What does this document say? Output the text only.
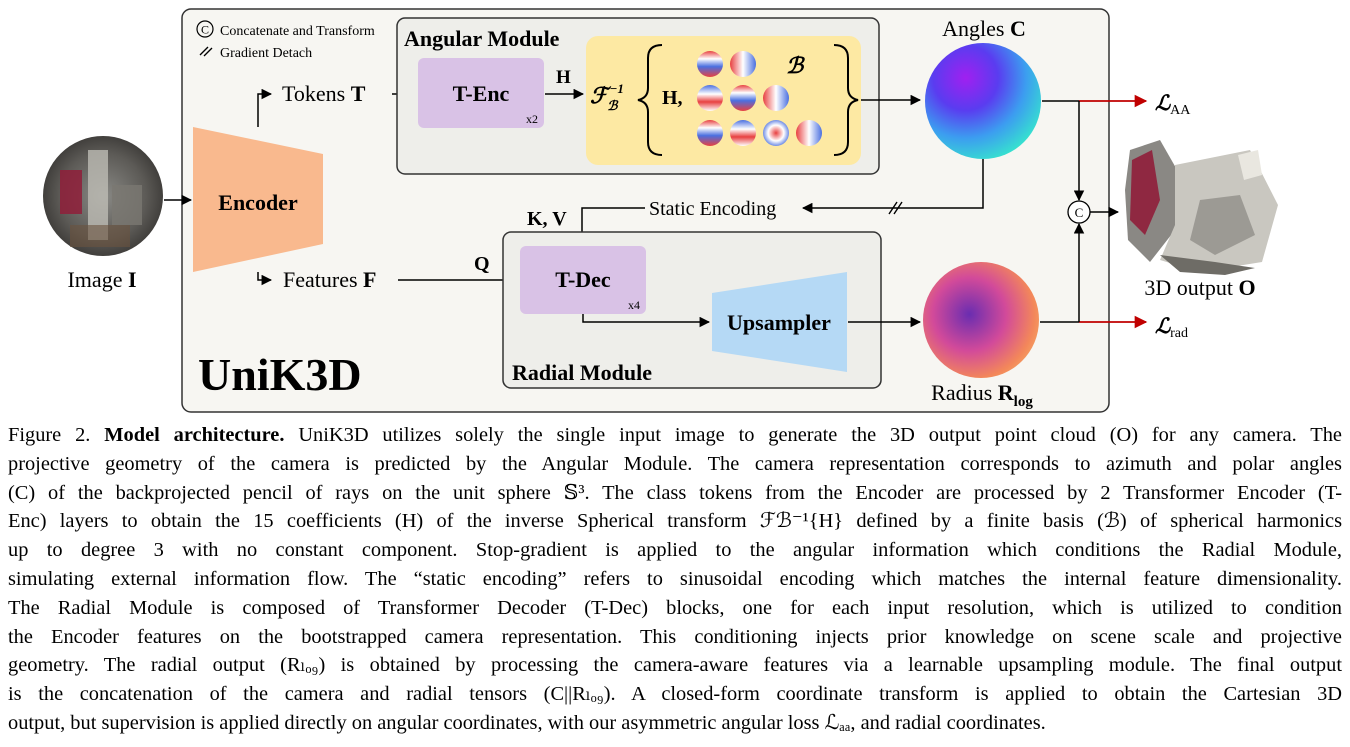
C Concatenate and Transform
Gradient Detach
UniK3D
Image I
Encoder
Tokens T
Features F
Angular Module
T-Enc
x2
H
ℱ$_ℬ$−1 H,
ℬ
Angles C
ℒAA
Static Encoding
K, V
Q
Radial Module
T-Dec
x4
Upsampler
Radius $R_{log}$
ℒrad
C
3D output O
Figure 2. Model architecture. UniK3D utilizes solely the single input image to generate the 3D output point cloud (O) for any camera. The
projective geometry of the camera is predicted by the Angular Module. The camera representation corresponds to azimuth and polar angles
(C) of the backprojected pencil of rays on the unit sphere 𝕊³. The class tokens from the Encoder are processed by 2 Transformer Encoder (T-
Enc) layers to obtain the 15 coefficients (H) of the inverse Spherical transform ℱℬ⁻¹{H} defined by a finite basis (ℬ) of spherical harmonics
up to degree 3 with no constant component. Stop-gradient is applied to the angular information which conditions the Radial Module,
simulating external information flow. The “static encoding” refers to sinusoidal encoding which matches the internal feature dimensionality.
The Radial Module is composed of Transformer Decoder (T-Dec) blocks, one for each input resolution, which is utilized to condition
the Encoder features on the bootstrapped camera representation. This conditioning injects prior knowledge on scene scale and projective
geometry. The radial output (Rₗₒ₉) is obtained by processing the camera-aware features via a learnable upsampling module. The final output
is the concatenation of the camera and radial tensors (C||Rₗₒ₉). A closed-form coordinate transform is applied to obtain the Cartesian 3D
output, but supervision is applied directly on angular coordinates, with our asymmetric angular loss ℒₐₐ, and radial coordinates.
